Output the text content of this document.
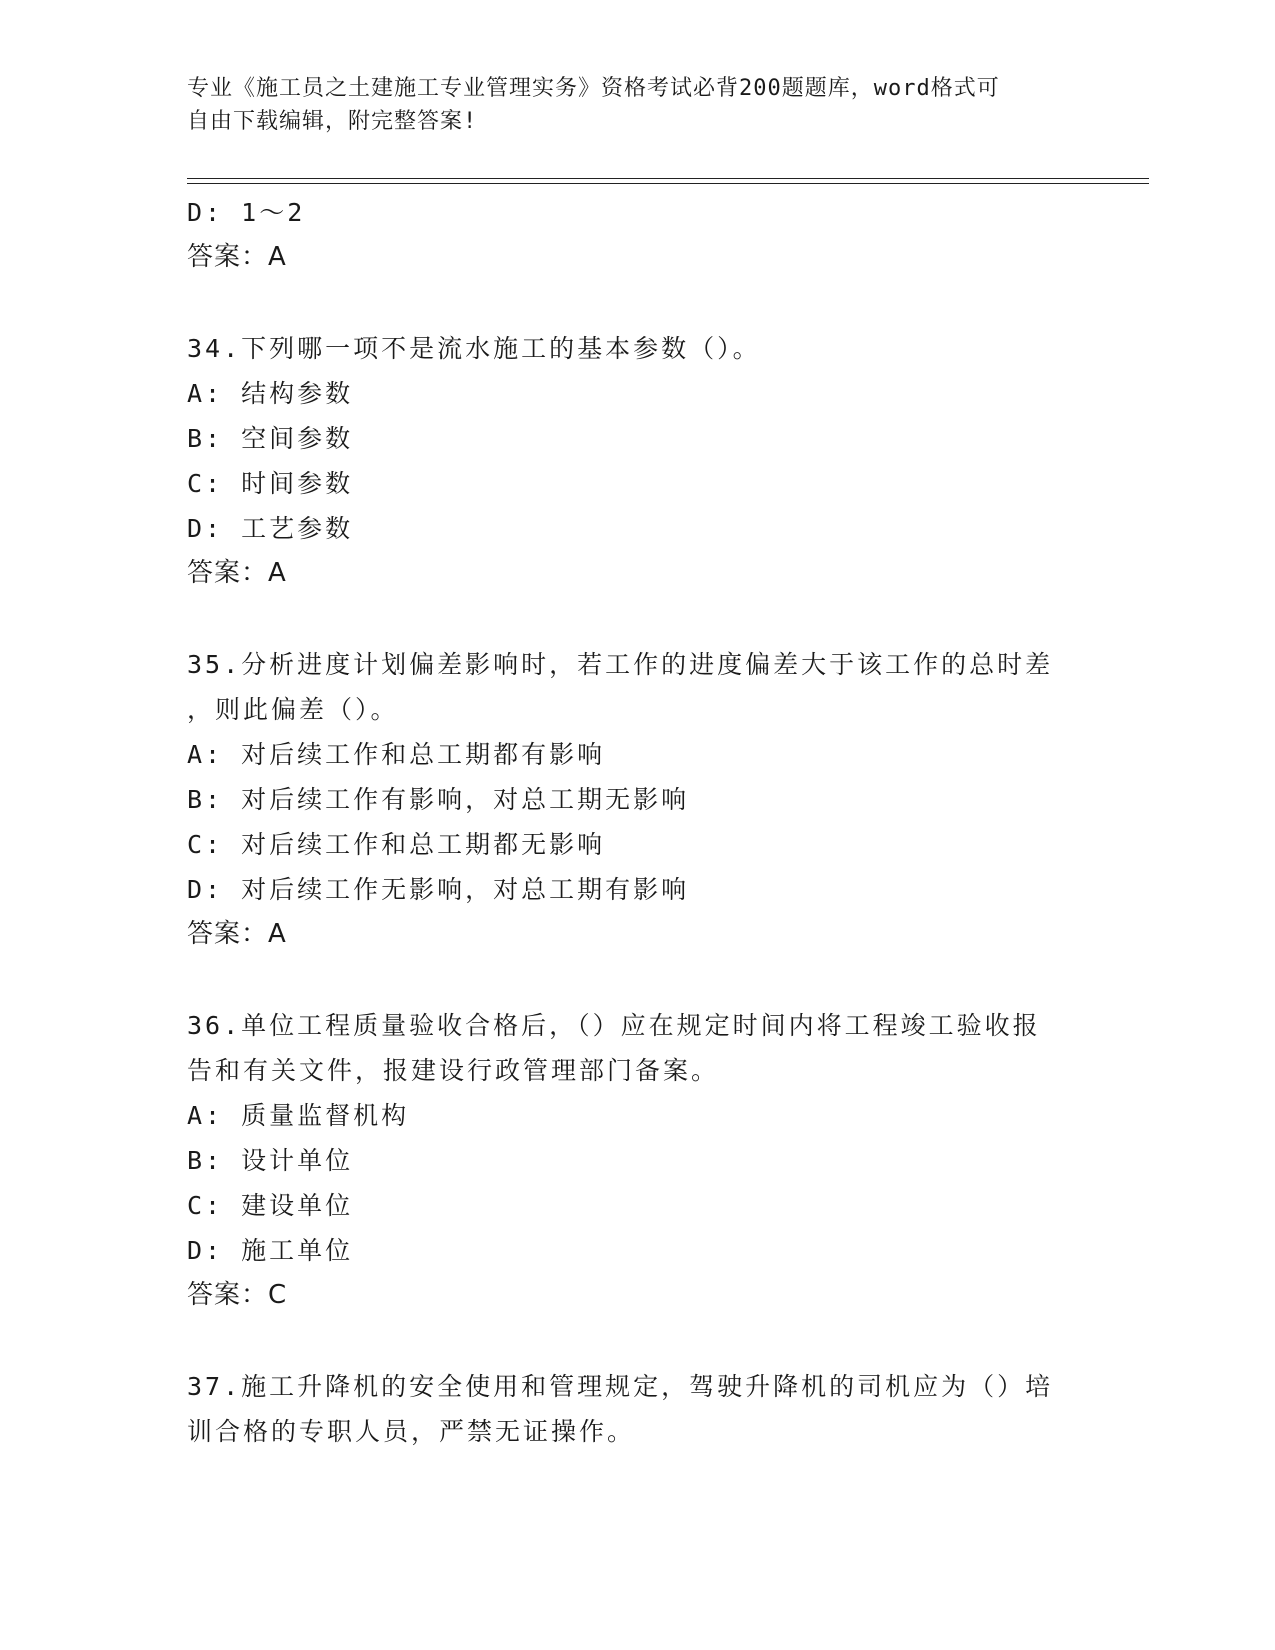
专业《施工员之土建施工专业管理实务》资格考试必背200题题库，word格式可
自由下载编辑，附完整答案!
D: 1～2
答案：A
34.下列哪一项不是流水施工的基本参数（）。
A: 结构参数
B: 空间参数
C: 时间参数
D: 工艺参数
答案：A
35.分析进度计划偏差影响时，若工作的进度偏差大于该工作的总时差
，则此偏差（）。
A: 对后续工作和总工期都有影响
B: 对后续工作有影响，对总工期无影响
C: 对后续工作和总工期都无影响
D: 对后续工作无影响，对总工期有影响
答案：A
36.单位工程质量验收合格后，（）应在规定时间内将工程竣工验收报
告和有关文件，报建设行政管理部门备案。
A: 质量监督机构
B: 设计单位
C: 建设单位
D: 施工单位
答案：C
37.施工升降机的安全使用和管理规定，驾驶升降机的司机应为（）培
训合格的专职人员，严禁无证操作。
